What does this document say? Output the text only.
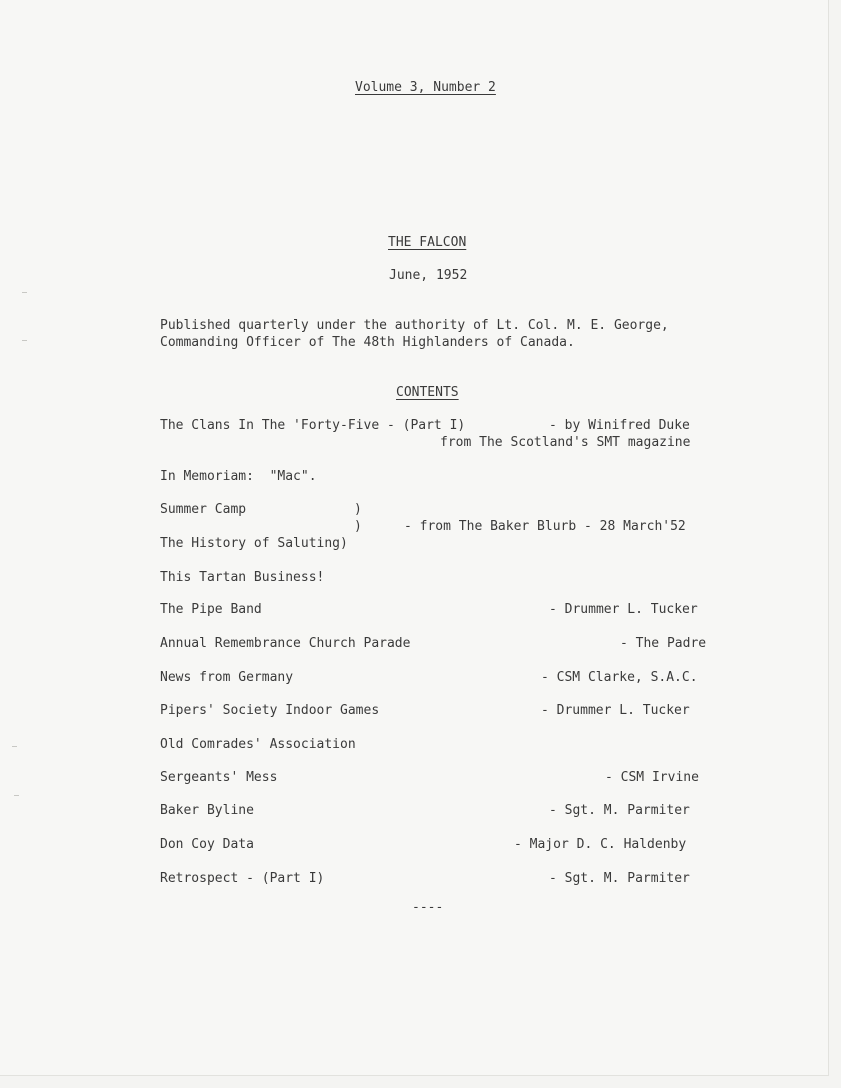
Volume 3, Number 2
THE FALCON
June, 1952
Published quarterly under the authority of Lt. Col. M. E. George,
Commanding Officer of The 48th Highlanders of Canada.
CONTENTS
The Clans In The 'Forty-Five - (Part I)	- by Winifred Duke
from The Scotland's SMT magazine
In Memoriam:  "Mac".
Summer Camp	)
)	- from The Baker Blurb - 28 March'52
The History of Saluting)
This Tartan Business!
The Pipe Band	- Drummer L. Tucker
Annual Remembrance Church Parade	- The Padre
News from Germany	- CSM Clarke, S.A.C.
Pipers' Society Indoor Games	- Drummer L. Tucker
Old Comrades' Association
Sergeants' Mess	- CSM Irvine
Baker Byline	- Sgt. M. Parmiter
Don Coy Data	- Major D. C. Haldenby
Retrospect - (Part I)	- Sgt. M. Parmiter
----
